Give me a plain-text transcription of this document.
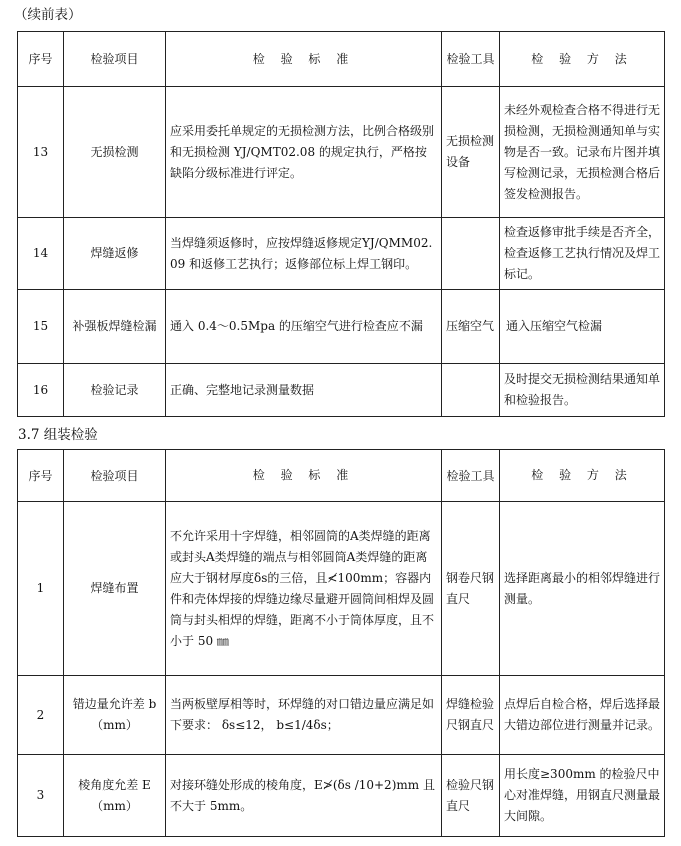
（续前表）
序号	检验项目	检 验 标 准	检验工具	检 验 方 法
13	无损检测	应采用委托单规定的无损检测方法，比例合格级别和无损检测 YJ/QMT02.08 的规定执行，严格按缺陷分级标准进行评定。	无损检测设备	未经外观检查合格不得进行无损检测，无损检测通知单与实物是否一致。记录布片图并填写检测记录，无损检测合格后签发检测报告。
14	焊缝返修	当焊缝须返修时，应按焊缝返修规定YJ/QMM02.09 和返修工艺执行；返修部位标上焊工钢印。		检查返修审批手续是否齐全，检查返修工艺执行情况及焊工标记。
15	补强板焊缝检漏	通入 0.4～0.5Mpa 的压缩空气进行检查应不漏	压缩空气	通入压缩空气检漏
16	检验记录	正确、完整地记录测量数据		及时提交无损检测结果通知单和检验报告。
3.7 组装检验
序号	检验项目	检 验 标 准	检验工具	检 验 方 法
1	焊缝布置	不允许采用十字焊缝，相邻圆筒的A类焊缝的距离或封头A类焊缝的端点与相邻圆筒A类焊缝的距离应大于钢材厚度δs的三倍，且≮100mm；容器内件和壳体焊接的焊缝边缘尽量避开圆筒间相焊及圆筒与封头相焊的焊缝，距离不小于筒体厚度，且不小于 50 ㎜	钢卷尺钢直尺	选择距离最小的相邻焊缝进行测量。
2	错边量允许差 b（mm）	当两板壁厚相等时，环焊缝的对口错边量应满足如下要求： δs≤12， b≤1/4δs；	焊缝检验尺钢直尺	点焊后自检合格，焊后选择最大错边部位进行测量并记录。
3	棱角度允差 E（mm）	对接环缝处形成的棱角度，E≯(δs /10+2)mm 且不大于 5mm。	检验尺钢直尺	用长度≥300mm 的检验尺中心对准焊缝，用钢直尺测量最大间隙。
